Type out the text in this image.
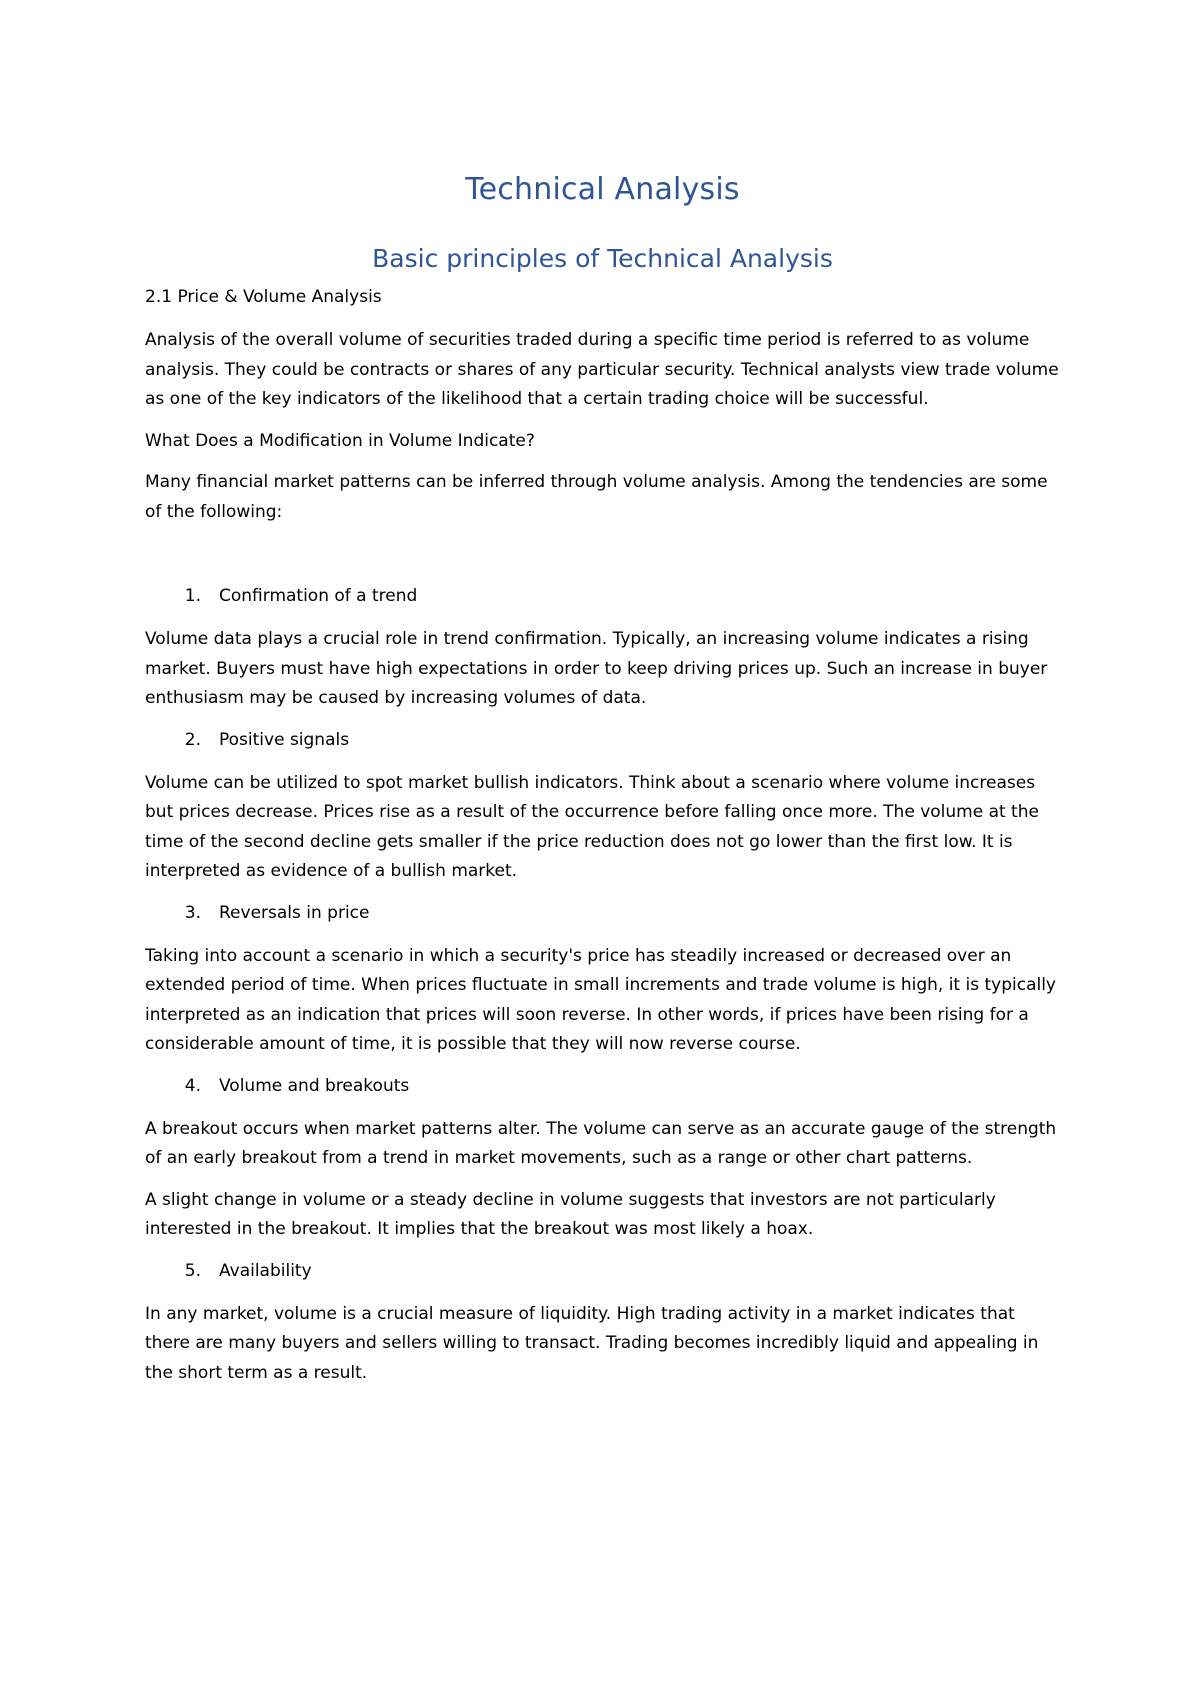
Technical Analysis
Basic principles of Technical Analysis
2.1 Price & Volume Analysis

Analysis of the overall volume of securities traded during a specific time period is referred to as volume analysis. They could be contracts or shares of any particular security. Technical analysts view trade volume as one of the key indicators of the likelihood that a certain trading choice will be successful.

What Does a Modification in Volume Indicate?

Many financial market patterns can be inferred through volume analysis. Among the tendencies are some of the following:

1.	Confirmation of a trend

Volume data plays a crucial role in trend confirmation. Typically, an increasing volume indicates a rising market. Buyers must have high expectations in order to keep driving prices up. Such an increase in buyer enthusiasm may be caused by increasing volumes of data.

2.	Positive signals

Volume can be utilized to spot market bullish indicators. Think about a scenario where volume increases but prices decrease. Prices rise as a result of the occurrence before falling once more. The volume at the time of the second decline gets smaller if the price reduction does not go lower than the first low. It is interpreted as evidence of a bullish market.

3.	Reversals in price

Taking into account a scenario in which a security's price has steadily increased or decreased over an extended period of time. When prices fluctuate in small increments and trade volume is high, it is typically interpreted as an indication that prices will soon reverse. In other words, if prices have been rising for a considerable amount of time, it is possible that they will now reverse course.

4.	Volume and breakouts

A breakout occurs when market patterns alter. The volume can serve as an accurate gauge of the strength of an early breakout from a trend in market movements, such as a range or other chart patterns.

A slight change in volume or a steady decline in volume suggests that investors are not particularly interested in the breakout. It implies that the breakout was most likely a hoax.

5.	Availability

In any market, volume is a crucial measure of liquidity. High trading activity in a market indicates that there are many buyers and sellers willing to transact. Trading becomes incredibly liquid and appealing in the short term as a result.
